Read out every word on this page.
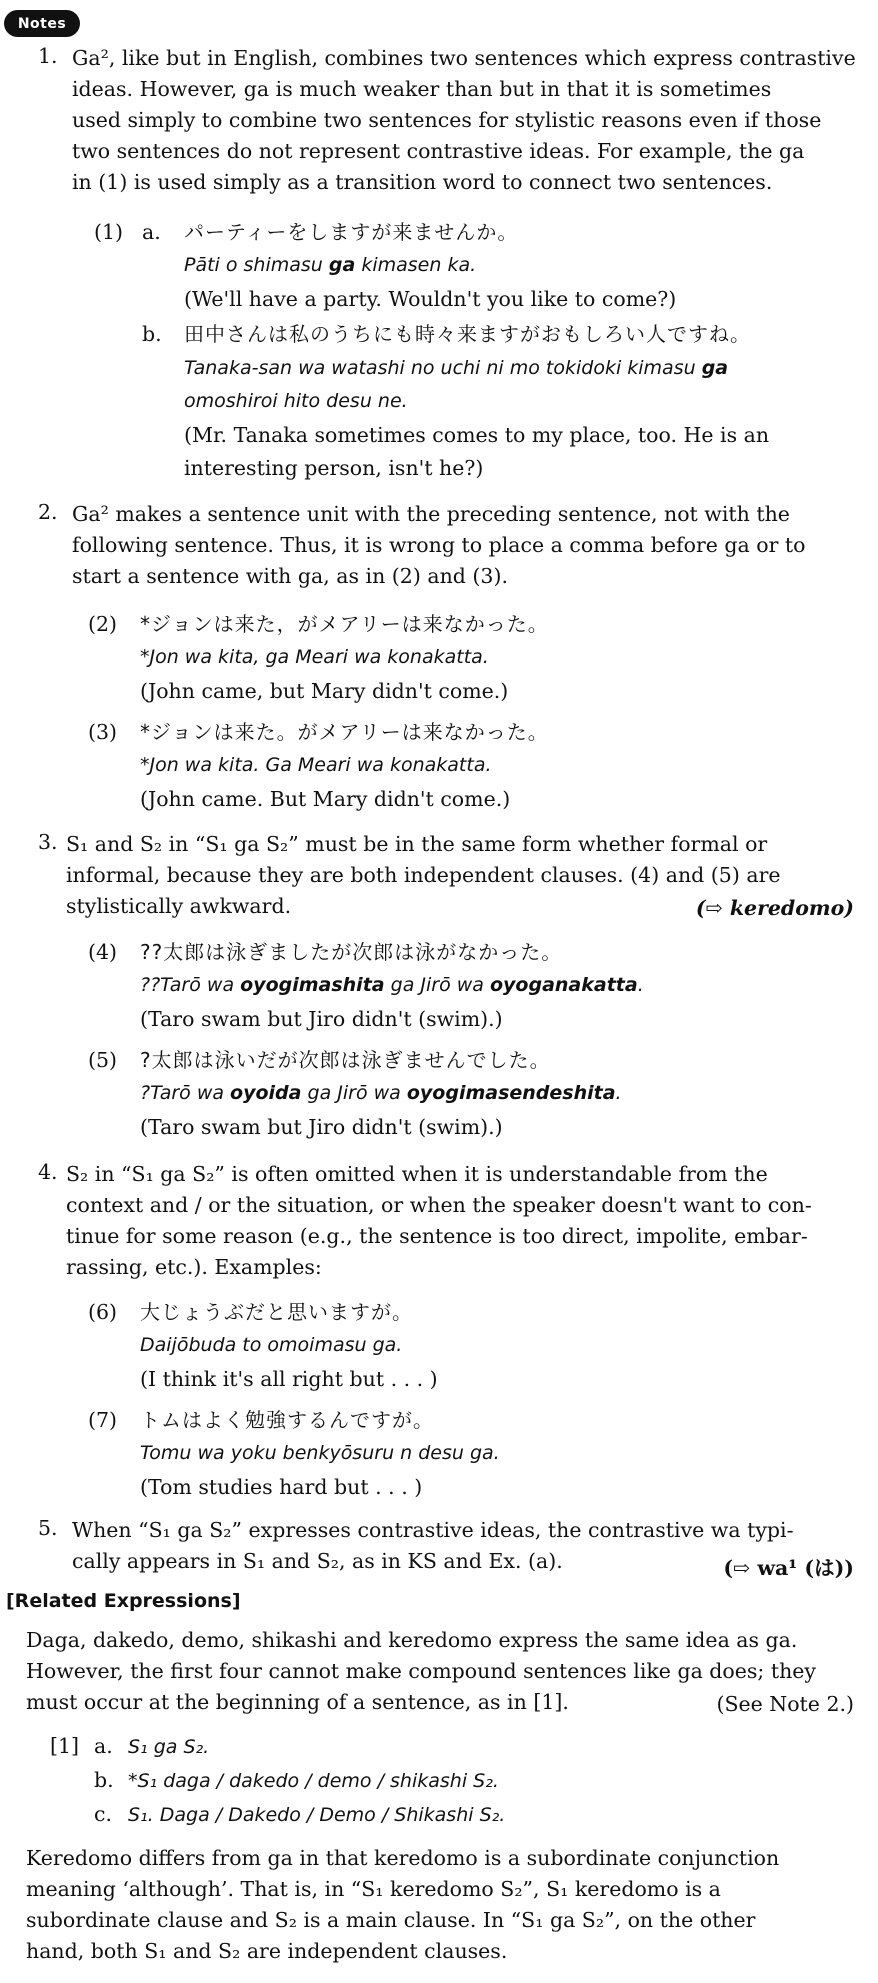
Notes
1. Ga², like but in English, combines two sentences which express contrastive
ideas. However, ga is much weaker than but in that it is sometimes
used simply to combine two sentences for stylistic reasons even if those
two sentences do not represent contrastive ideas. For example, the ga
in (1) is used simply as a transition word to connect two sentences.
(1) a. パーティーをしますが来ませんか。
Pāti o shimasu ga kimasen ka.
(We'll have a party. Wouldn't you like to come?)
b. 田中さんは私のうちにも時々来ますがおもしろい人ですね。
Tanaka-san wa watashi no uchi ni mo tokidoki kimasu ga
omoshiroi hito desu ne.
(Mr. Tanaka sometimes comes to my place, too. He is an
interesting person, isn't he?)
2. Ga² makes a sentence unit with the preceding sentence, not with the
following sentence. Thus, it is wrong to place a comma before ga or to
start a sentence with ga, as in (2) and (3).
(2) *ジョンは来た，がメアリーは来なかった。
*Jon wa kita, ga Meari wa konakatta.
(John came, but Mary didn't come.)
(3) *ジョンは来た。がメアリーは来なかった。
*Jon wa kita. Ga Meari wa konakatta.
(John came. But Mary didn't come.)
3. S₁ and S₂ in “S₁ ga S₂” must be in the same form whether formal or
informal, because they are both independent clauses. (4) and (5) are
stylistically awkward.	(⇨ keredomo)
(4) ??太郎は泳ぎましたが次郎は泳がなかった。
??Tarō wa oyogimashita ga Jirō wa oyoganakatta.
(Taro swam but Jiro didn't (swim).)
(5) ?太郎は泳いだが次郎は泳ぎませんでした。
?Tarō wa oyoida ga Jirō wa oyogimasendeshita.
(Taro swam but Jiro didn't (swim).)
4. S₂ in “S₁ ga S₂” is often omitted when it is understandable from the
context and / or the situation, or when the speaker doesn't want to con-
tinue for some reason (e.g., the sentence is too direct, impolite, embar-
rassing, etc.). Examples:
(6) 大じょうぶだと思いますが。
Daijōbuda to omoimasu ga.
(I think it's all right but . . . )
(7) トムはよく勉強するんですが。
Tomu wa yoku benkyōsuru n desu ga.
(Tom studies hard but . . . )
5. When “S₁ ga S₂” expresses contrastive ideas, the contrastive wa typi-
cally appears in S₁ and S₂, as in KS and Ex. (a).	(⇨ wa¹ (は))
[Related Expressions]
Daga, dakedo, demo, shikashi and keredomo express the same idea as ga.
However, the first four cannot make compound sentences like ga does; they
must occur at the beginning of a sentence, as in [1].	(See Note 2.)
[1] a. S₁ ga S₂.
b. *S₁ daga / dakedo / demo / shikashi S₂.
c. S₁. Daga / Dakedo / Demo / Shikashi S₂.
Keredomo differs from ga in that keredomo is a subordinate conjunction
meaning ‘although’. That is, in “S₁ keredomo S₂”, S₁ keredomo is a
subordinate clause and S₂ is a main clause. In “S₁ ga S₂”, on the other
hand, both S₁ and S₂ are independent clauses.
